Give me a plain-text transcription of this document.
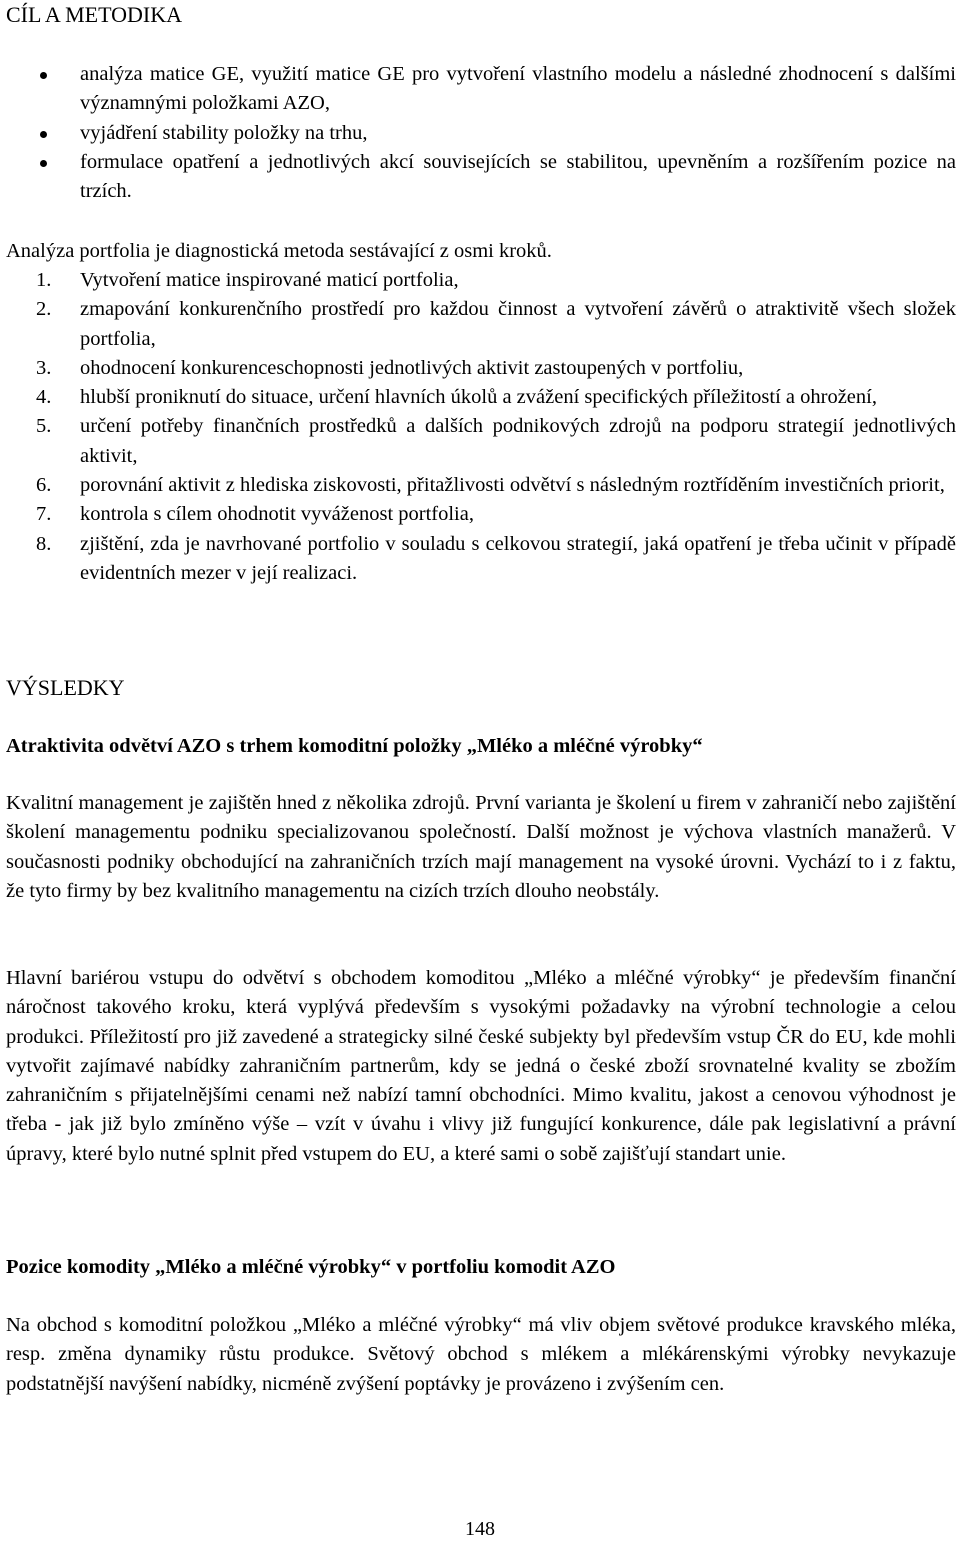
CÍL A METODIKA
analýza matice GE, využití matice GE pro vytvoření vlastního modelu a následné zhodnocení s dalšími významnými položkami AZO,
vyjádření stability položky na trhu,
formulace opatření a jednotlivých akcí souvisejících se stabilitou, upevněním a rozšířením pozice na trzích.

Analýza portfolia je diagnostická metoda sestávající z osmi kroků.

1. Vytvoření matice inspirované maticí portfolia,
2. zmapování konkurenčního prostředí pro každou činnost a vytvoření závěrů o atraktivitě všech složek portfolia,
3. ohodnocení konkurenceschopnosti jednotlivých aktivit zastoupených v portfoliu,
4. hlubší proniknutí do situace, určení hlavních úkolů a zvážení specifických příležitostí a ohrožení,
5. určení potřeby finančních prostředků a dalších podnikových zdrojů na podporu strategií jednotlivých aktivit,
6. porovnání aktivit z hlediska ziskovosti, přitažlivosti odvětví s následným roztříděním investičních priorit,
7. kontrola s cílem ohodnotit vyváženost portfolia,
8. zjištění, zda je navrhované portfolio v souladu s celkovou strategií, jaká opatření je třeba učinit v případě evidentních mezer v její realizaci.
VÝSLEDKY
Atraktivita odvětví AZO s trhem komoditní položky „Mléko a mléčné výrobky“

Kvalitní management je zajištěn hned z několika zdrojů. První varianta je školení u firem v zahraničí nebo zajištění školení managementu podniku specializovanou společností. Další možnost je výchova vlastních manažerů. V současnosti podniky obchodující na zahraničních trzích mají management na vysoké úrovni. Vychází to i z faktu, že tyto firmy by bez kvalitního managementu na cizích trzích dlouho neobstály.

Hlavní bariérou vstupu do odvětví s obchodem komoditou „Mléko a mléčné výrobky“ je především finanční náročnost takového kroku, která vyplývá především s vysokými požadavky na výrobní technologie a celou produkci. Příležitostí pro již zavedené a strategicky silné české subjekty byl především vstup ČR do EU, kde mohli vytvořit zajímavé nabídky zahraničním partnerům, kdy se jedná o české zboží srovnatelné kvality se zbožím zahraničním s přijatelnějšími cenami než nabízí tamní obchodníci. Mimo kvalitu, jakost a cenovou výhodnost je třeba - jak již bylo zmíněno výše – vzít v úvahu i vlivy již fungující konkurence, dále pak legislativní a právní úpravy, které bylo nutné splnit před vstupem do EU, a které sami o sobě zajišťují standart unie.

Pozice komodity „Mléko a mléčné výrobky“ v portfoliu komodit AZO

Na obchod s komoditní položkou „Mléko a mléčné výrobky“ má vliv objem světové produkce kravského mléka, resp. změna dynamiky růstu produkce. Světový obchod s mlékem a mlékárenskými výrobky nevykazuje podstatnější navýšení nabídky, nicméně zvýšení poptávky je provázeno i zvýšením cen.

148
